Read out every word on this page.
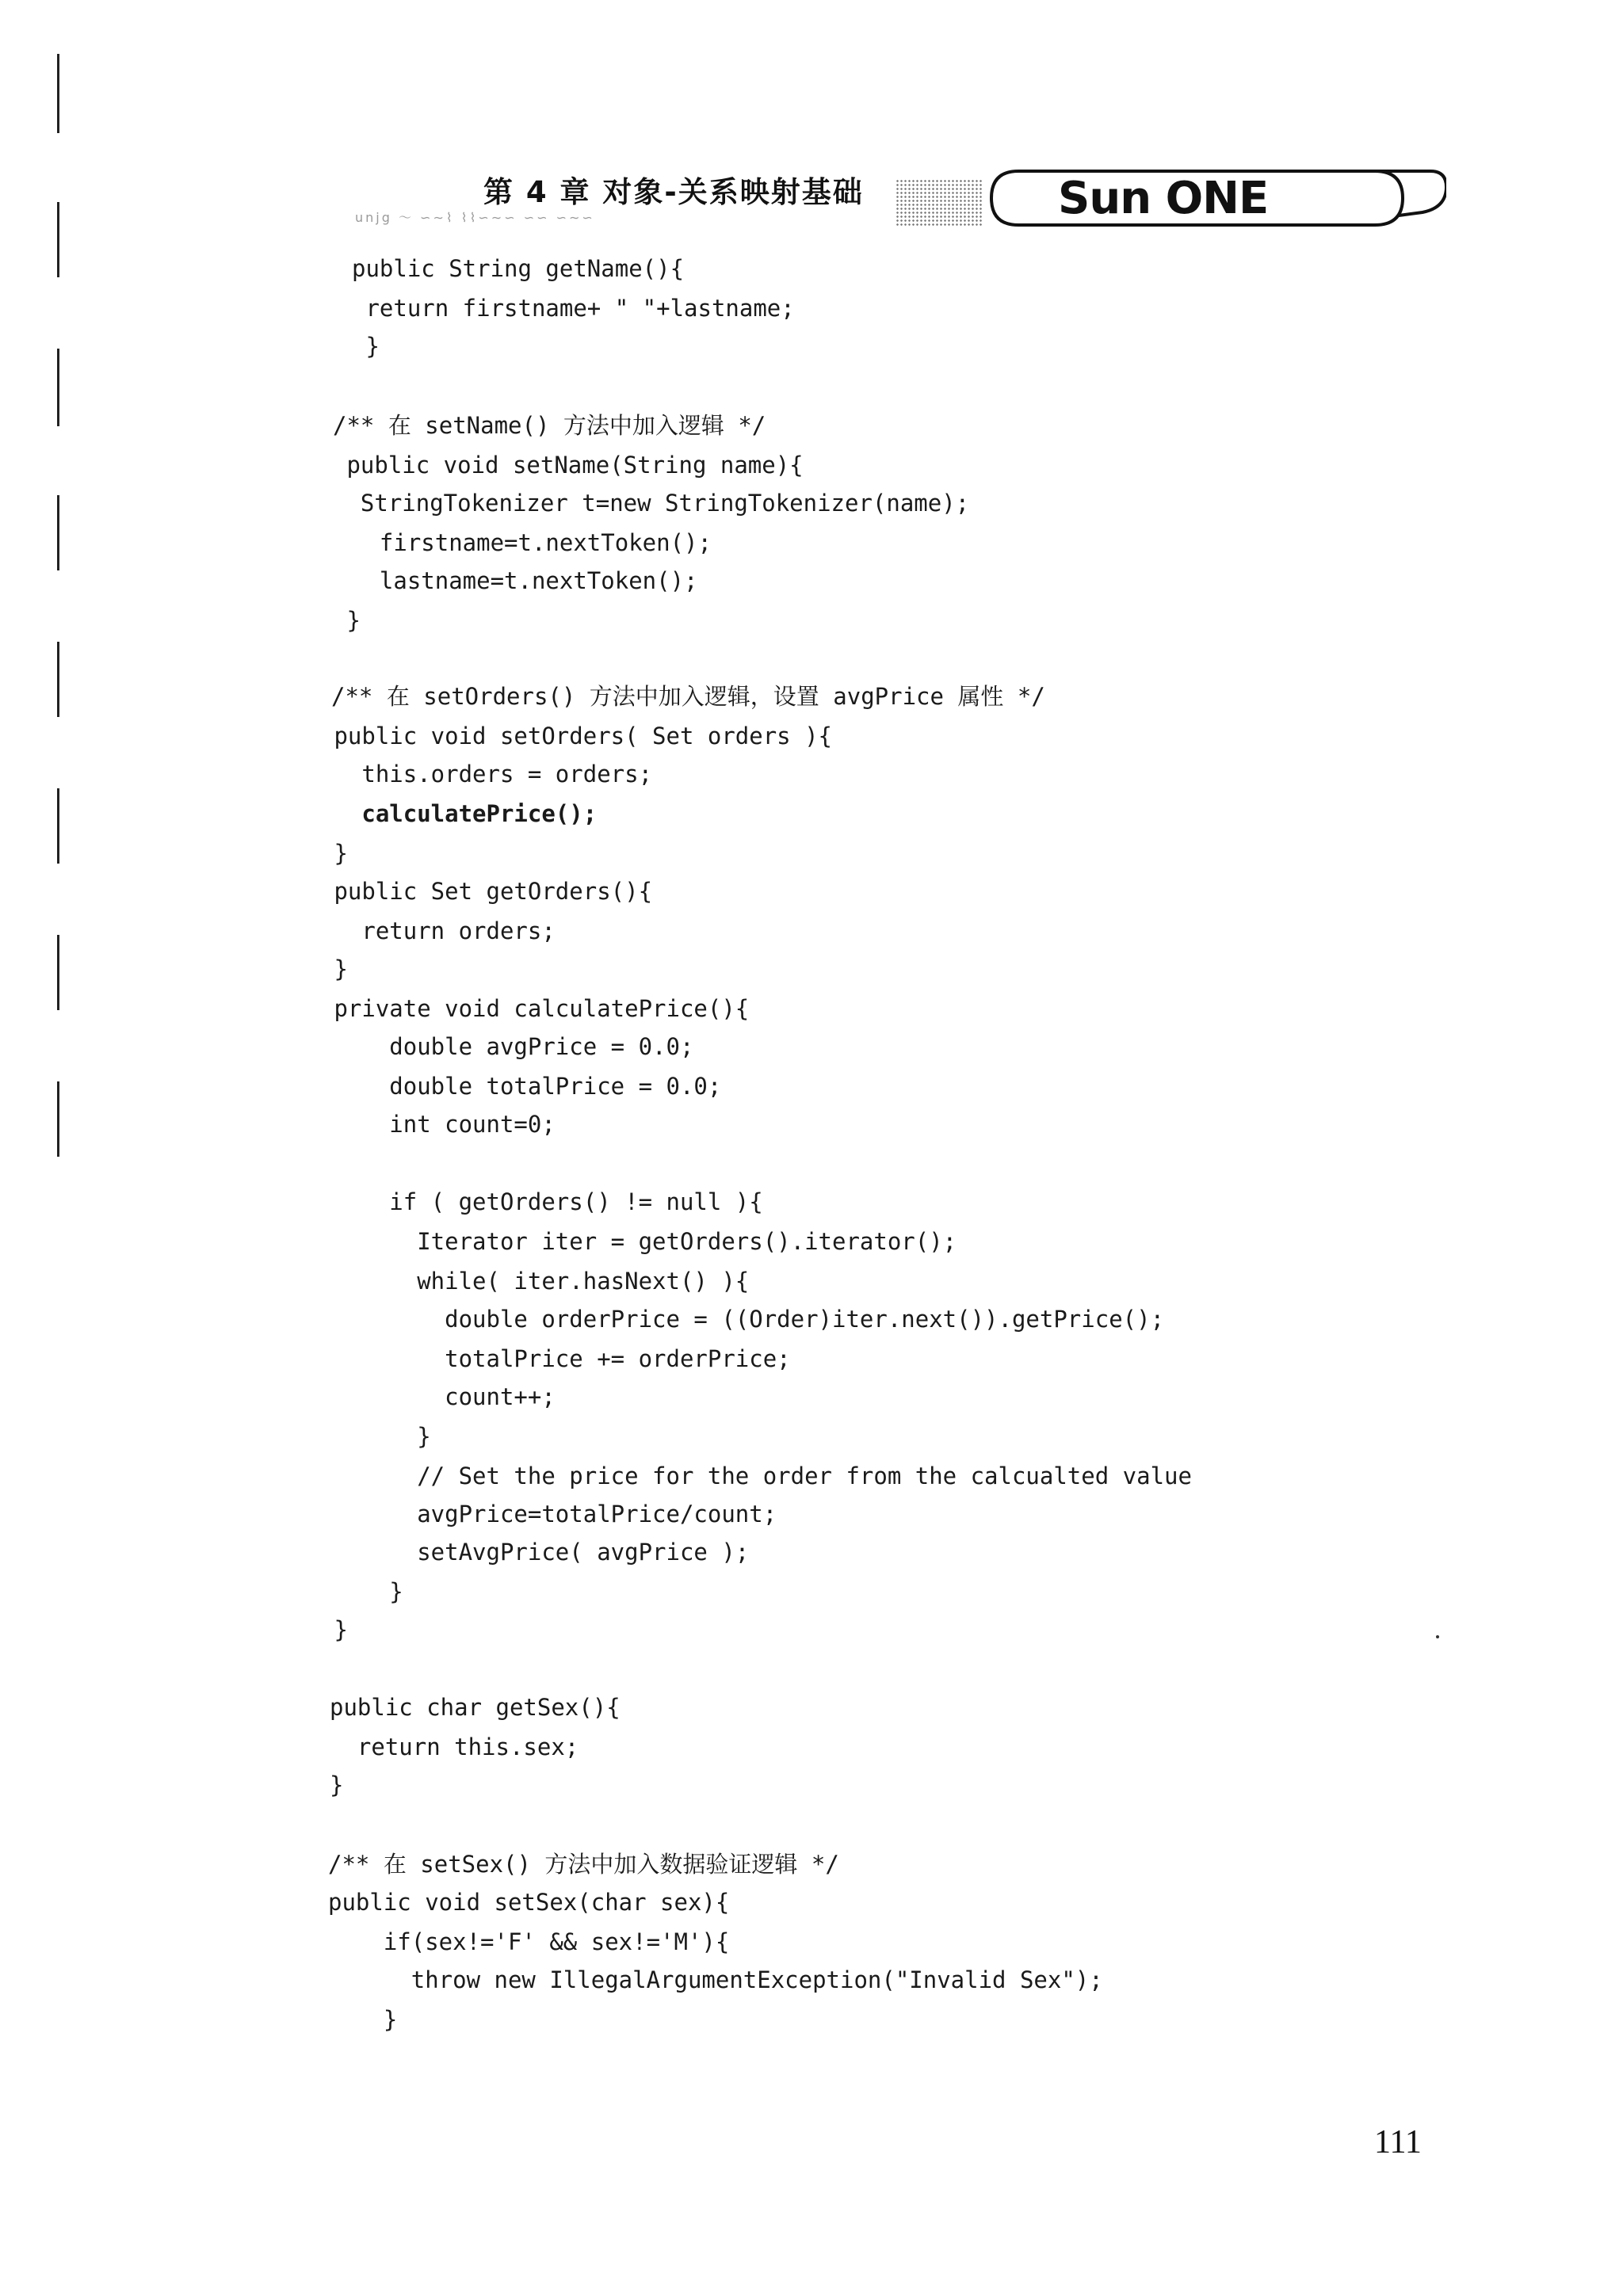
第 4 章 对象-关系映射基础
unjg ～ ∽∼⌇ ⌇⌇∽∼∽ ∽∽ ∽∼∽	Sun ONE
public String getName(){
return firstname+ " "+lastname;
}
/** 在 setName() 方法中加入逻辑 */
public void setName(String name){
StringTokenizer t=new StringTokenizer(name);
firstname=t.nextToken();
lastname=t.nextToken();
}
/** 在 setOrders() 方法中加入逻辑，设置 avgPrice 属性 */
public void setOrders( Set orders ){
this.orders = orders;
calculatePrice();
}
public Set getOrders(){
return orders;
}
private void calculatePrice(){
double avgPrice = 0.0;
double totalPrice = 0.0;
int count=0;
if ( getOrders() != null ){
Iterator iter = getOrders().iterator();
while( iter.hasNext() ){
double orderPrice = ((Order)iter.next()).getPrice();
totalPrice += orderPrice;
count++;
}
// Set the price for the order from the calcualted value
avgPrice=totalPrice/count;
setAvgPrice( avgPrice );
}
}
public char getSex(){
return this.sex;
}
/** 在 setSex() 方法中加入数据验证逻辑 */
public void setSex(char sex){
if(sex!='F' && sex!='M'){
throw new IllegalArgumentException("Invalid Sex");
}
111
